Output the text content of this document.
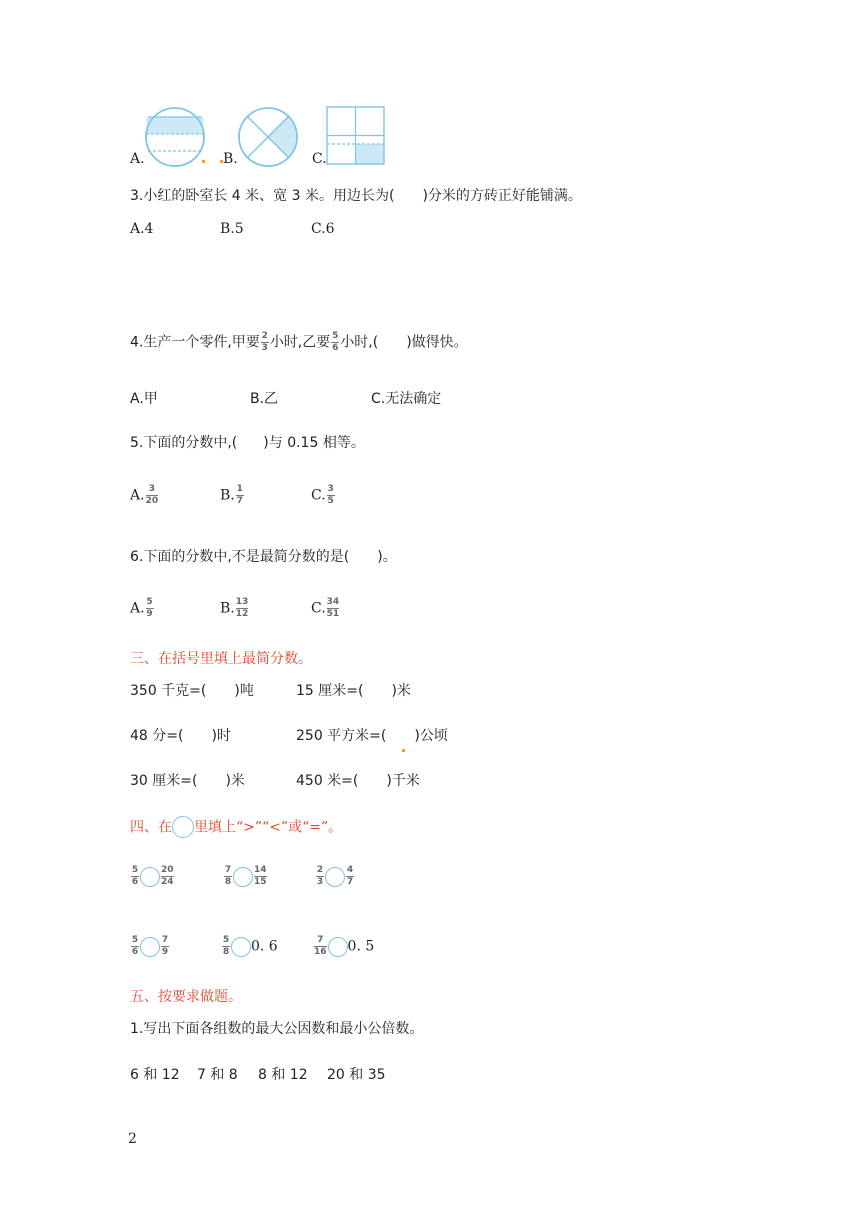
A.	B.	C.
3.小红的卧室长 4 米、宽 3 米。用边长为( )分米的方砖正好能铺满。
A.4	B.5	C.6
4.生产一个零件,甲要 $\frac{2}{3}$ 小时,乙要 $\frac{5}{6}$ 小时,( )做得快。
A.甲	B.乙	C.无法确定
5.下面的分数中,( )与 0.15 相等。
A. $\frac{3}{20}$	B. $\frac{1}{7}$	C. $\frac{3}{5}$
6.下面的分数中,不是最简分数的是( )。
A. $\frac{5}{9}$	B. $\frac{13}{12}$	C. $\frac{34}{51}$
三、在括号里填上最简分数。
350 千克=( )吨	15 厘米=( )米
48 分=( )时	250 平方米=( )公顷
30 厘米=( )米	450 米=( )千米
四、在 里填上“>”“<”或“=”。
$\frac{5}{6} \frac{20}{24}$	$\frac{7}{8} \frac{14}{15}$	$\frac{2}{3} \frac{4}{7}$
$\frac{5}{6} \frac{7}{9}$	$\frac{5}{8} 0$. 6	$\frac{7}{16} 0$. 5
五、按要求做题。
1.写出下面各组数的最大公因数和最小公倍数。
6 和 12 7 和 8 8 和 12 20 和 35
2
